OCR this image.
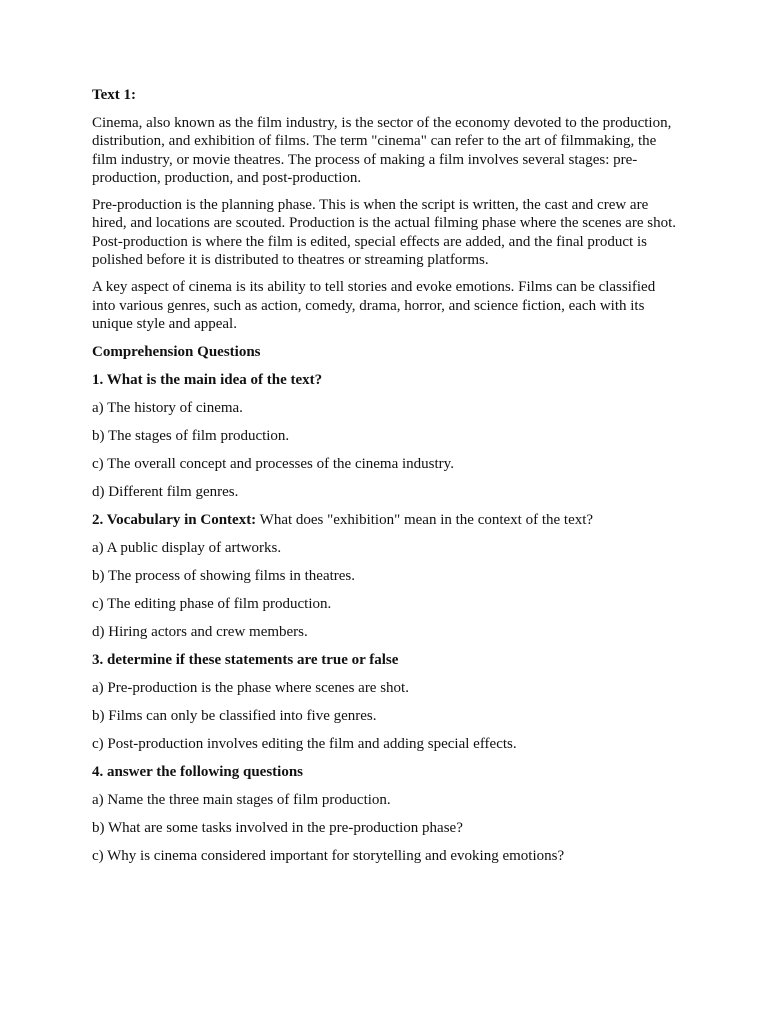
Text 1:

Cinema, also known as the film industry, is the sector of the economy devoted to the production, distribution, and exhibition of films. The term "cinema" can refer to the art of filmmaking, the film industry, or movie theatres. The process of making a film involves several stages: pre-production, production, and post-production.

Pre-production is the planning phase. This is when the script is written, the cast and crew are hired, and locations are scouted. Production is the actual filming phase where the scenes are shot. Post-production is where the film is edited, special effects are added, and the final product is polished before it is distributed to theatres or streaming platforms.

A key aspect of cinema is its ability to tell stories and evoke emotions. Films can be classified into various genres, such as action, comedy, drama, horror, and science fiction, each with its unique style and appeal.

Comprehension Questions

1. What is the main idea of the text?

a) The history of cinema.

b) The stages of film production.

c) The overall concept and processes of the cinema industry.

d) Different film genres.

2. Vocabulary in Context: What does "exhibition" mean in the context of the text?

a) A public display of artworks.

b) The process of showing films in theatres.

c) The editing phase of film production.

d) Hiring actors and crew members.

3. determine if these statements are true or false

a) Pre-production is the phase where scenes are shot.

b) Films can only be classified into five genres.

c) Post-production involves editing the film and adding special effects.

4. answer the following questions

a) Name the three main stages of film production.

b) What are some tasks involved in the pre-production phase?

c) Why is cinema considered important for storytelling and evoking emotions?
